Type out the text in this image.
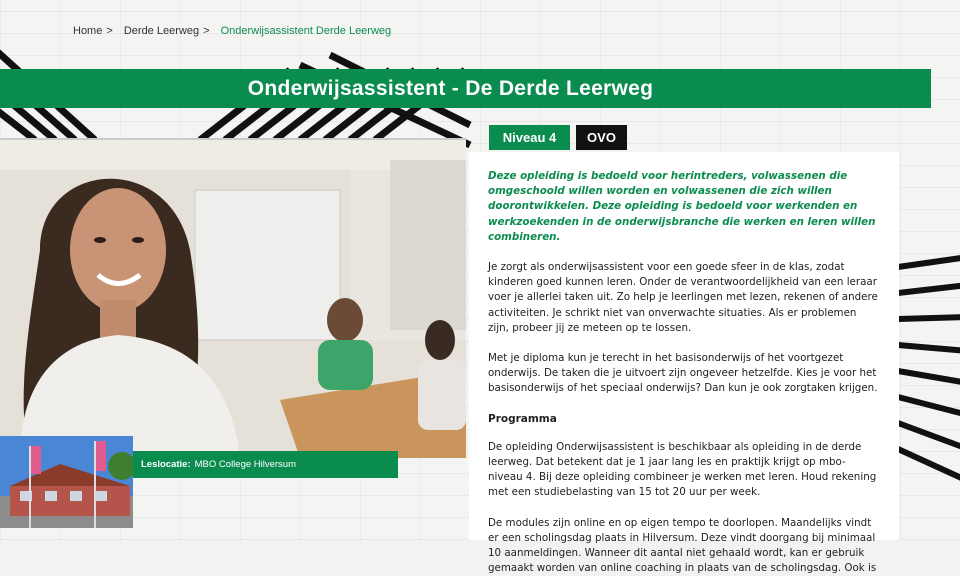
Home > Derde Leerweg > Onderwijsassistent Derde Leerweg
Onderwijsassistent - De Derde Leerweg
Niveau 4	OVO
Leslocatie: MBO College Hilversum

Deze opleiding is bedoeld voor herintreders, volwassenen die omgeschoold willen worden en volwassenen die zich willen doorontwikkelen. Deze opleiding is bedoeld voor werkenden en werkzoekenden in de onderwijsbranche die werken en leren willen combineren.

Je zorgt als onderwijsassistent voor een goede sfeer in de klas, zodat kinderen goed kunnen leren. Onder de verantwoordelijkheid van een leraar voer je allerlei taken uit. Zo help je leerlingen met lezen, rekenen of andere activiteiten. Je schrikt niet van onverwachte situaties. Als er problemen zijn, probeer jij ze meteen op te lossen.

Met je diploma kun je terecht in het basisonderwijs of het voortgezet onderwijs. De taken die je uitvoert zijn ongeveer hetzelfde. Kies je voor het basisonderwijs of het speciaal onderwijs? Dan kun je ook zorgtaken krijgen.

Programma

De opleiding Onderwijsassistent is beschikbaar als opleiding in de derde leerweg. Dat betekent dat je 1 jaar lang les en praktijk krijgt op mbo-niveau 4. Bij deze opleiding combineer je werken met leren. Houd rekening met een studiebelasting van 15 tot 20 uur per week.

De modules zijn online en op eigen tempo te doorlopen. Maandelijks vindt er een scholingsdag plaats in Hilversum. Deze vindt doorgang bij minimaal 10 aanmeldingen. Wanneer dit aantal niet gehaald wordt, kan er gebruik gemaakt worden van online coaching in plaats van de scholingsdag. Ook is
